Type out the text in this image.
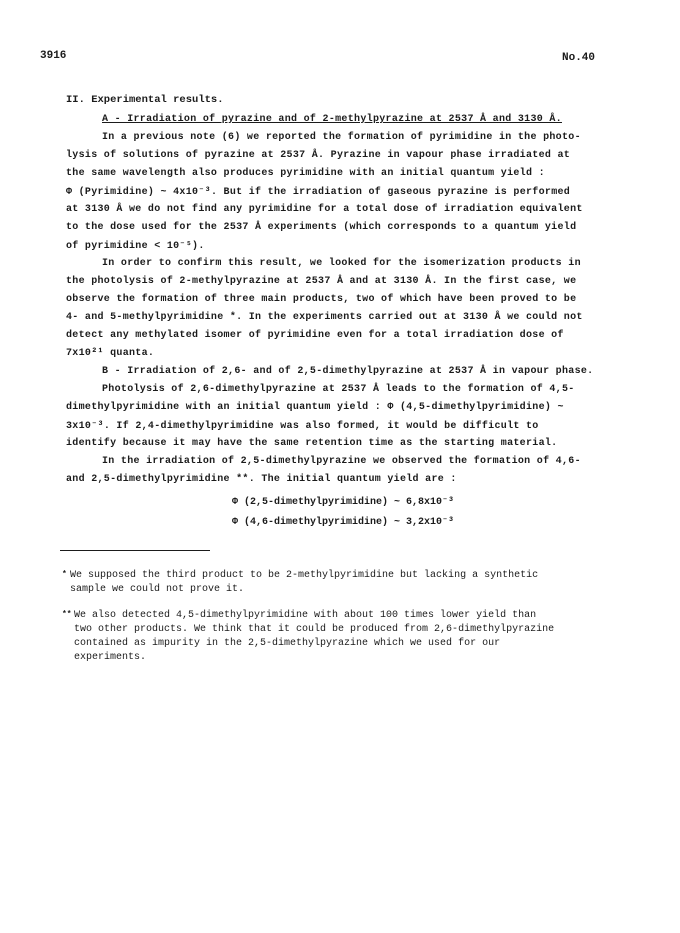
3916	No.40
II. Experimental results.
A - Irradiation of pyrazine and of 2-methylpyrazine at 2537 Å and 3130 Å.
In a previous note (6) we reported the formation of pyrimidine in the photo-
lysis of solutions of pyrazine at 2537 Å. Pyrazine in vapour phase irradiated at
the same wavelength also produces pyrimidine with an initial quantum yield :
Φ (Pyrimidine) ~ 4x10⁻³. But if the irradiation of gaseous pyrazine is performed
at 3130 Å we do not find any pyrimidine for a total dose of irradiation equivalent
to the dose used for the 2537 Å experiments (which corresponds to a quantum yield
of pyrimidine < 10⁻⁵).
In order to confirm this result, we looked for the isomerization products in
the photolysis of 2-methylpyrazine at 2537 Å and at 3130 Å. In the first case, we
observe the formation of three main products, two of which have been proved to be
4- and 5-methylpyrimidine *. In the experiments carried out at 3130 Å we could not
detect any methylated isomer of pyrimidine even for a total irradiation dose of
7x10²¹ quanta.
B - Irradiation of 2,6- and of 2,5-dimethylpyrazine at 2537 Å in vapour phase.
Photolysis of 2,6-dimethylpyrazine at 2537 Å leads to the formation of 4,5-
dimethylpyrimidine with an initial quantum yield : Φ (4,5-dimethylpyrimidine) ~
3x10⁻³. If 2,4-dimethylpyrimidine was also formed, it would be difficult to
identify because it may have the same retention time as the starting material.
In the irradiation of 2,5-dimethylpyrazine we observed the formation of 4,6-
and 2,5-dimethylpyrimidine **. The initial quantum yield are :
Φ (2,5-dimethylpyrimidine) ~ 6,8x10⁻³
Φ (4,6-dimethylpyrimidine) ~ 3,2x10⁻³
* We supposed the third product to be 2-methylpyrimidine but lacking a synthetic
sample we could not prove it.
** We also detected 4,5-dimethylpyrimidine with about 100 times lower yield than
two other products. We think that it could be produced from 2,6-dimethylpyrazine
contained as impurity in the 2,5-dimethylpyrazine which we used for our
experiments.
